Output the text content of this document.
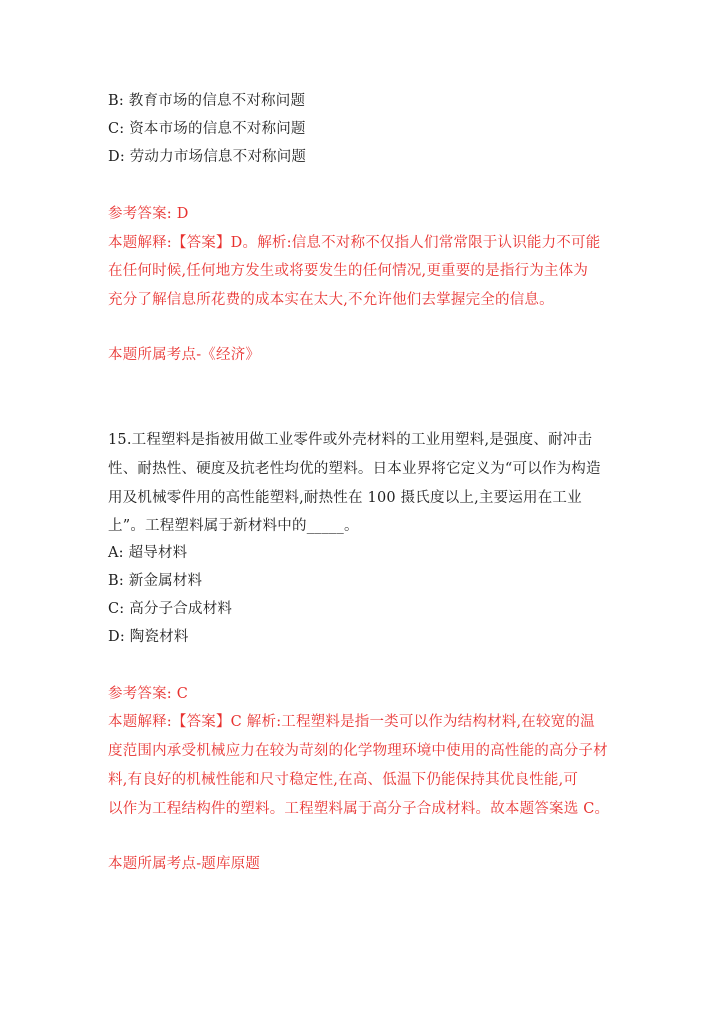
B: 教育市场的信息不对称问题
C: 资本市场的信息不对称问题
D: 劳动力市场信息不对称问题
参考答案: D
本题解释:【答案】D。解析:信息不对称不仅指人们常常限于认识能力不可能
在任何时候,任何地方发生或将要发生的任何情况,更重要的是指行为主体为
充分了解信息所花费的成本实在太大,不允许他们去掌握完全的信息。
本题所属考点-《经济》
15.工程塑料是指被用做工业零件或外壳材料的工业用塑料,是强度、耐冲击
性、耐热性、硬度及抗老性均优的塑料。日本业界将它定义为“可以作为构造
用及机械零件用的高性能塑料,耐热性在 100 摄氏度以上,主要运用在工业
上”。工程塑料属于新材料中的_____。
A: 超导材料
B: 新金属材料
C: 高分子合成材料
D: 陶瓷材料
参考答案: C
本题解释:【答案】C 解析:工程塑料是指一类可以作为结构材料,在较宽的温
度范围内承受机械应力在较为苛刻的化学物理环境中使用的高性能的高分子材
料,有良好的机械性能和尺寸稳定性,在高、低温下仍能保持其优良性能,可
以作为工程结构件的塑料。工程塑料属于高分子合成材料。故本题答案选 C。
本题所属考点-题库原题
